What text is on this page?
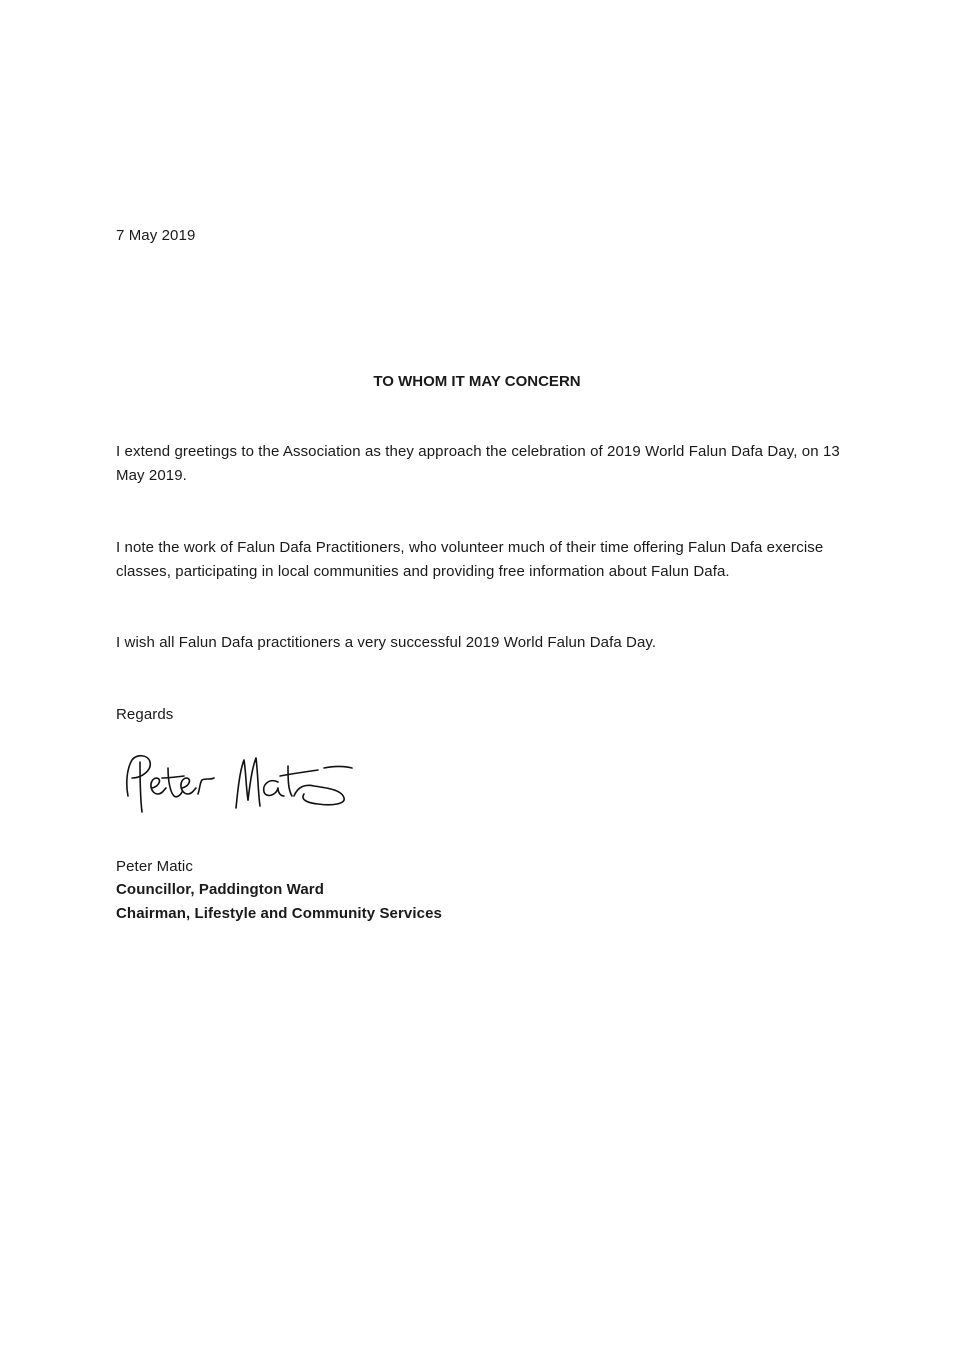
7 May 2019
TO WHOM IT MAY CONCERN
I extend greetings to the Association as they approach the celebration of 2019 World Falun Dafa Day, on 13 May 2019.
I note the work of Falun Dafa Practitioners, who volunteer much of their time offering Falun Dafa exercise classes, participating in local communities and providing free information about Falun Dafa.
I wish all Falun Dafa practitioners a very successful 2019 World Falun Dafa Day.
Regards
Peter Matic
Councillor, Paddington Ward
Chairman, Lifestyle and Community Services
